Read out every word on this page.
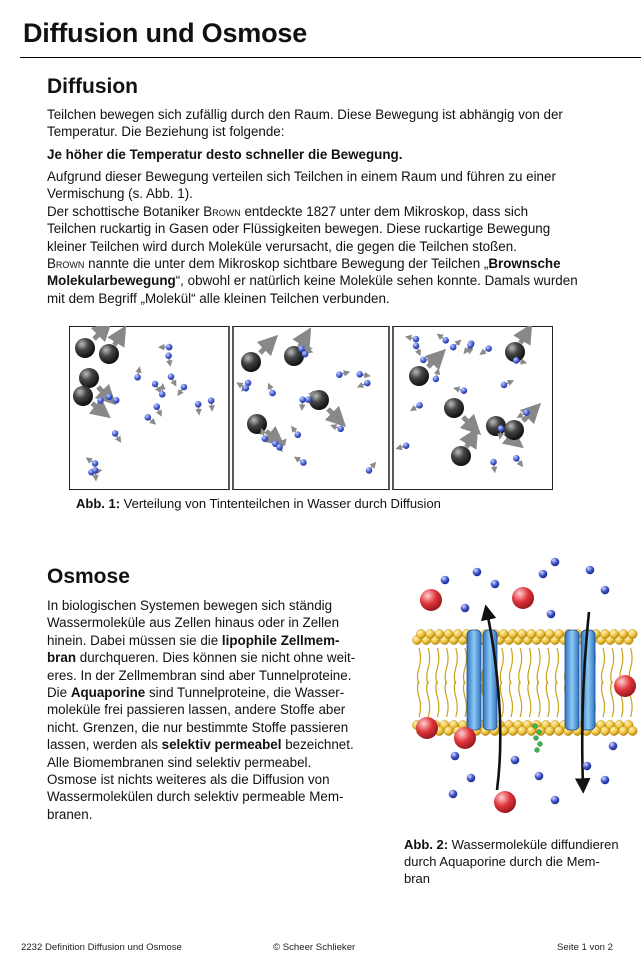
Diffusion und Osmose
Diffusion
Teilchen bewegen sich zufällig durch den Raum. Diese Bewegung ist abhängig von der
Temperatur. Die Beziehung ist folgende:
Je höher die Temperatur desto schneller die Bewegung.
Aufgrund dieser Bewegung verteilen sich Teilchen in einem Raum und führen zu einer
Vermischung (s. Abb. 1).
Der schottische Botaniker Brown entdeckte 1827 unter dem Mikroskop, dass sich
Teilchen ruckartig in Gasen oder Flüssigkeiten bewegen. Diese ruckartige Bewegung
kleiner Teilchen wird durch Moleküle verursacht, die gegen die Teilchen stoßen.
Brown nannte die unter dem Mikroskop sichtbare Bewegung der Teilchen „Brownsche
Molekularbewegung“, obwohl er natürlich keine Moleküle sehen konnte. Damals wurden
mit dem Begriff „Molekül“ alle kleinen Teilchen verbunden.
Abb. 1: Verteilung von Tintenteilchen in Wasser durch Diffusion
Osmose
In biologischen Systemen bewegen sich ständig
Wassermoleküle aus Zellen hinaus oder in Zellen
hinein. Dabei müssen sie die lipophile Zellmem-
bran durchqueren. Dies können sie nicht ohne weit-
eres. In der Zellmembran sind aber Tunnelproteine.
Die Aquaporine sind Tunnelproteine, die Wasser-
moleküle frei passieren lassen, andere Stoffe aber
nicht. Grenzen, die nur bestimmte Stoffe passieren
lassen, werden als selektiv permeabel bezeichnet.
Alle Biomembranen sind selektiv permeabel.
Osmose ist nichts weiteres als die Diffusion von
Wassermolekülen durch selektiv permeable Mem-
branen.
Abb. 2: Wassermoleküle diffundieren
durch Aquaporine durch die Mem-
bran
2232 Definition Diffusion und Osmose	© Scheer Schlieker	Seite 1 von 2
